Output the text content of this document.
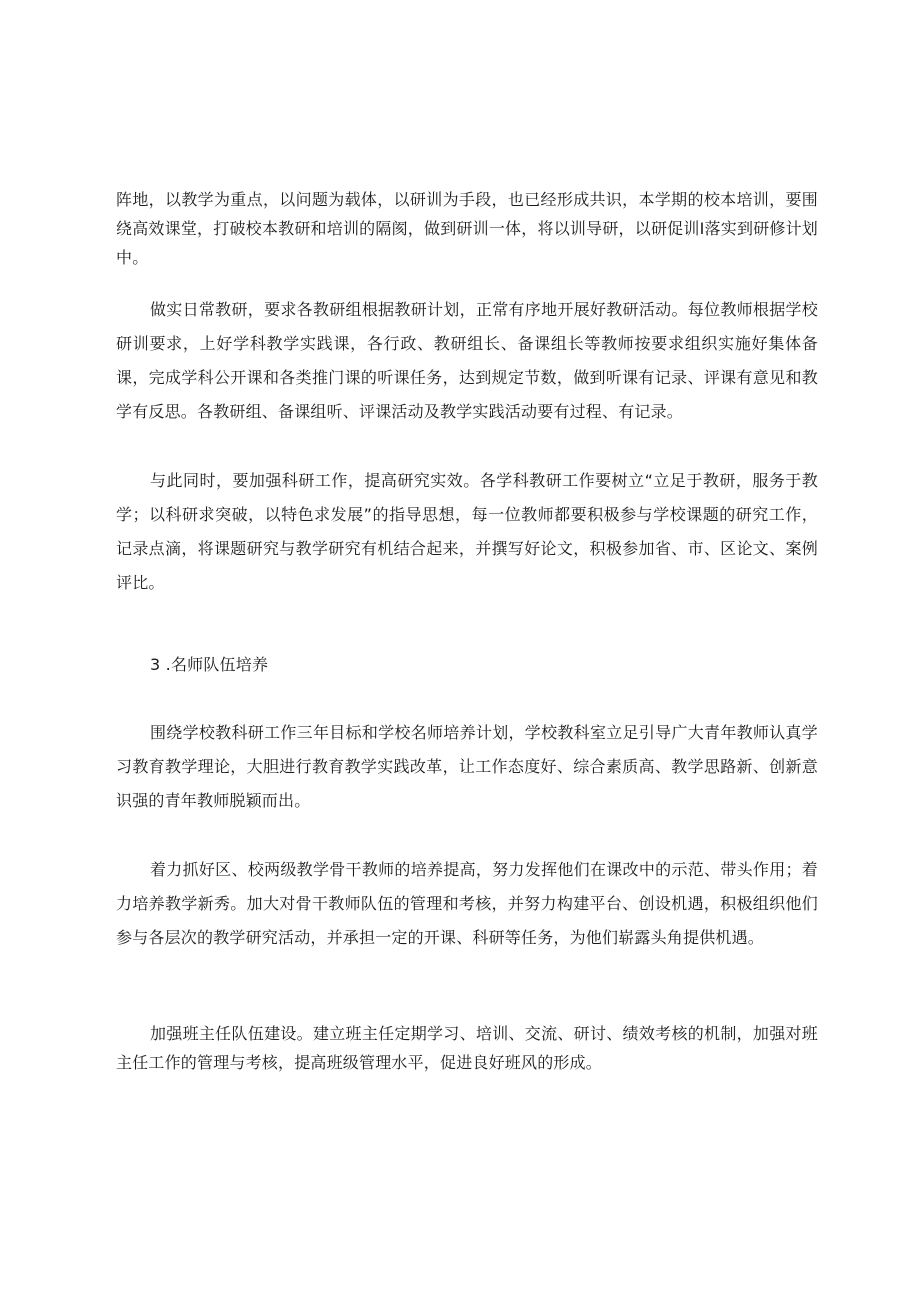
阵地，以教学为重点，以问题为载体，以研训为手段，也已经形成共识，本学期的校本培训，要围绕高效课堂，打破校本教研和培训的隔阂，做到研训一体，将以训导研，以研促训I落实到研修计划中。

做实日常教研，要求各教研组根据教研计划，正常有序地开展好教研活动。每位教师根据学校研训要求，上好学科教学实践课，各行政、教研组长、备课组长等教师按要求组织实施好集体备课，完成学科公开课和各类推门课的听课任务，达到规定节数，做到听课有记录、评课有意见和教学有反思。各教研组、备课组听、评课活动及教学实践活动要有过程、有记录。

与此同时，要加强科研工作，提高研究实效。各学科教研工作要树立“立足于教研，服务于教学；以科研求突破，以特色求发展”的指导思想，每一位教师都要积极参与学校课题的研究工作，记录点滴，将课题研究与教学研究有机结合起来，并撰写好论文，积极参加省、市、区论文、案例评比。

3 .名师队伍培养

围绕学校教科研工作三年目标和学校名师培养计划，学校教科室立足引导广大青年教师认真学习教育教学理论，大胆进行教育教学实践改革，让工作态度好、综合素质高、教学思路新、创新意识强的青年教师脱颖而出。

着力抓好区、校两级教学骨干教师的培养提高，努力发挥他们在课改中的示范、带头作用；着力培养教学新秀。加大对骨干教师队伍的管理和考核，并努力构建平台、创设机遇，积极组织他们参与各层次的教学研究活动，并承担一定的开课、科研等任务，为他们崭露头角提供机遇。

加强班主任队伍建设。建立班主任定期学习、培训、交流、研讨、绩效考核的机制，加强对班主任工作的管理与考核，提高班级管理水平，促进良好班风的形成。
